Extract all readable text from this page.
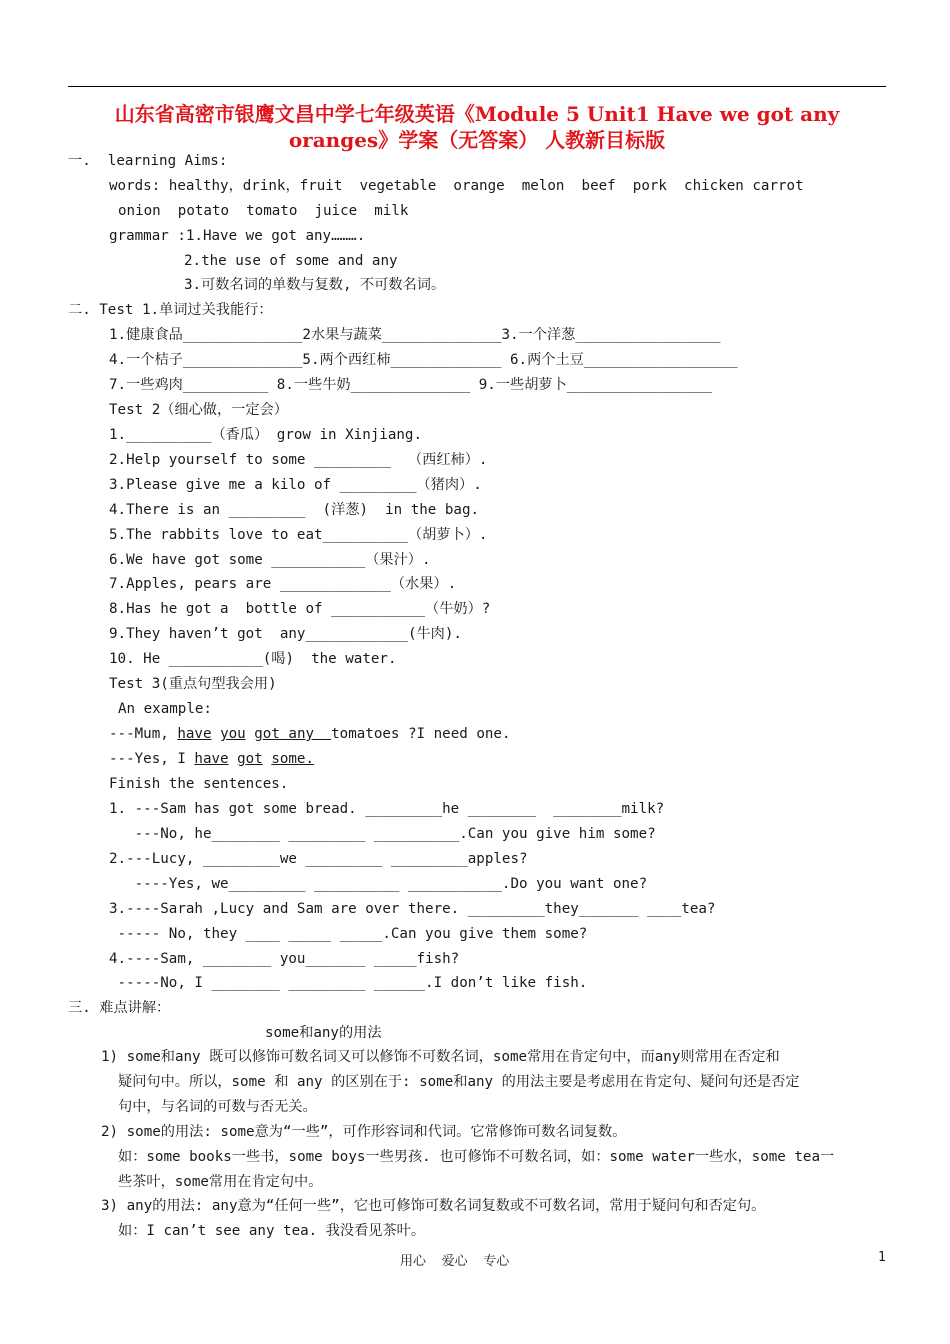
山东省高密市银鹰文昌中学七年级英语《Module 5 Unit1 Have we got any
oranges》学案（无答案） 人教新目标版
一.  learning Aims:
words: healthy，drink，fruit  vegetable  orange  melon  beef  pork  chicken carrot
onion  potato  tomato  juice  milk
grammar :1.Have we got any……….
2.the use of some and any
3.可数名词的单数与复数, 不可数名词。
二. Test 1.单词过关我能行：
1.健康食品______________2水果与蔬菜______________3.一个洋葱_________________
4.一个桔子______________5.两个西红柿_____________ 6.两个土豆__________________
7.一些鸡肉__________ 8.一些牛奶______________ 9.一些胡萝卜_________________
Test 2（细心做，一定会）
1.__________（香瓜） grow in Xinjiang.
2.Help yourself to some _________  （西红柿）.
3.Please give me a kilo of _________（猪肉）.
4.There is an _________  (洋葱)  in the bag.
5.The rabbits love to eat__________（胡萝卜）.
6.We have got some ___________（果汁）.
7.Apples, pears are _____________（水果）.
8.Has he got a  bottle of ___________（牛奶）?
9.They haven’t got  any____________(牛肉).
10. He ___________(喝)  the water.
Test 3(重点句型我会用)
An example:
---Mum, have you got any  tomatoes ?I need one.
---Yes, I have got some.
Finish the sentences.
1. ---Sam has got some bread. _________he ________  ________milk?
---No, he________ _________ __________.Can you give him some?
2.---Lucy, _________we _________ _________apples?
----Yes, we_________ __________ ___________.Do you want one?
3.----Sarah ,Lucy and Sam are over there. _________they_______ ____tea?
----- No, they ____ _____ _____.Can you give them some?
4.----Sam, ________ you_______ _____fish?
-----No, I ________ _________ ______.I don’t like fish.
三. 难点讲解：
some和any的用法
1) some和any 既可以修饰可数名词又可以修饰不可数名词，some常用在肯定句中，而any则常用在否定和
疑问句中。所以，some 和 any 的区别在于: some和any 的用法主要是考虑用在肯定句、疑问句还是否定
句中，与名词的可数与否无关。
2) some的用法: some意为“一些”，可作形容词和代词。它常修饰可数名词复数。
如：some books一些书，some boys一些男孩. 也可修饰不可数名词，如：some water一些水，some tea一
些茶叶，some常用在肯定句中。
3) any的用法: any意为“任何一些”，它也可修饰可数名词复数或不可数名词，常用于疑问句和否定句。
如：I can’t see any tea. 我没看见茶叶。
用心  爱心  专心	1
